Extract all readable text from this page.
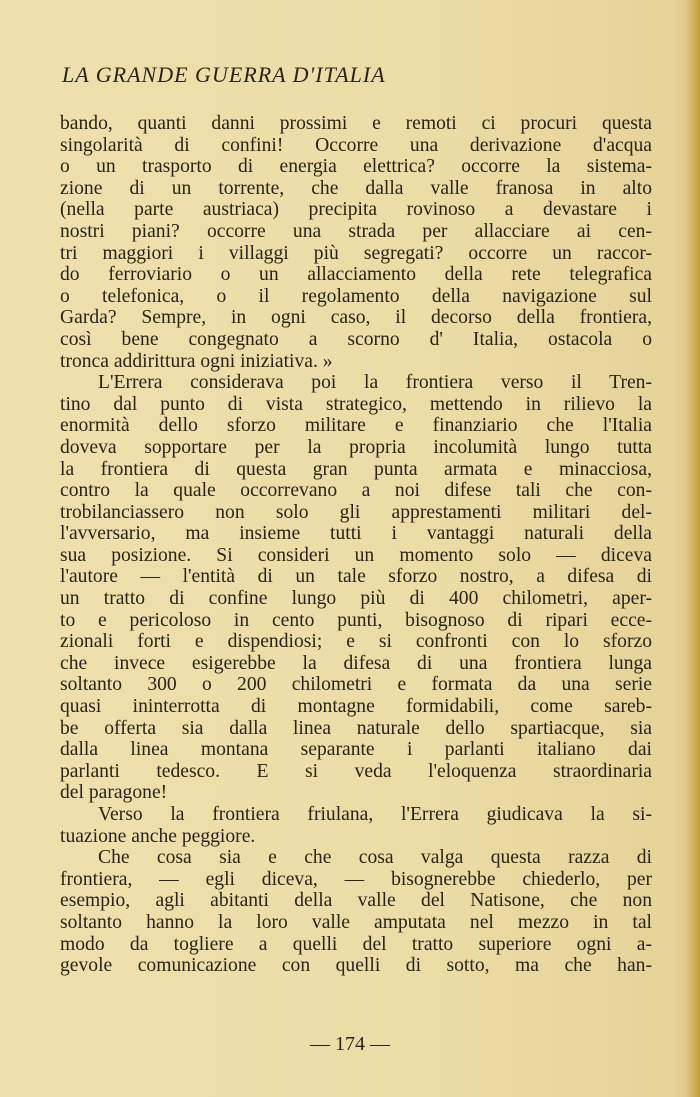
LA GRANDE GUERRA D'ITALIA
bando, quanti danni prossimi e remoti ci procuri questa
singolarità di confini! Occorre una derivazione d'acqua
o un trasporto di energia elettrica? occorre la sistema-
zione di un torrente, che dalla valle franosa in alto
(nella parte austriaca) precipita rovinoso a devastare i
nostri piani? occorre una strada per allacciare ai cen-
tri maggiori i villaggi più segregati? occorre un raccor-
do ferroviario o un allacciamento della rete telegrafica
o telefonica, o il regolamento della navigazione sul
Garda? Sempre, in ogni caso, il decorso della frontiera,
così bene congegnato a scorno d' Italia, ostacola o
tronca addirittura ogni iniziativa. »
L'Errera considerava poi la frontiera verso il Tren-
tino dal punto di vista strategico, mettendo in rilievo la
enormità dello sforzo militare e finanziario che l'Italia
doveva sopportare per la propria incolumità lungo tutta
la frontiera di questa gran punta armata e minacciosa,
contro la quale occorrevano a noi difese tali che con-
trobilanciassero non solo gli apprestamenti militari del-
l'avversario, ma insieme tutti i vantaggi naturali della
sua posizione. Si consideri un momento solo — diceva
l'autore — l'entità di un tale sforzo nostro, a difesa di
un tratto di confine lungo più di 400 chilometri, aper-
to e pericoloso in cento punti, bisognoso di ripari ecce-
zionali forti e dispendiosi; e si confronti con lo sforzo
che invece esigerebbe la difesa di una frontiera lunga
soltanto 300 o 200 chilometri e formata da una serie
quasi ininterrotta di montagne formidabili, come sareb-
be offerta sia dalla linea naturale dello spartiacque, sia
dalla linea montana separante i parlanti italiano dai
parlanti tedesco. E si veda l'eloquenza straordinaria
del paragone!
Verso la frontiera friulana, l'Errera giudicava la si-
tuazione anche peggiore.
Che cosa sia e che cosa valga questa razza di
frontiera, — egli diceva, — bisognerebbe chiederlo, per
esempio, agli abitanti della valle del Natisone, che non
soltanto hanno la loro valle amputata nel mezzo in tal
modo da togliere a quelli del tratto superiore ogni a-
gevole comunicazione con quelli di sotto, ma che han-
— 174 —
